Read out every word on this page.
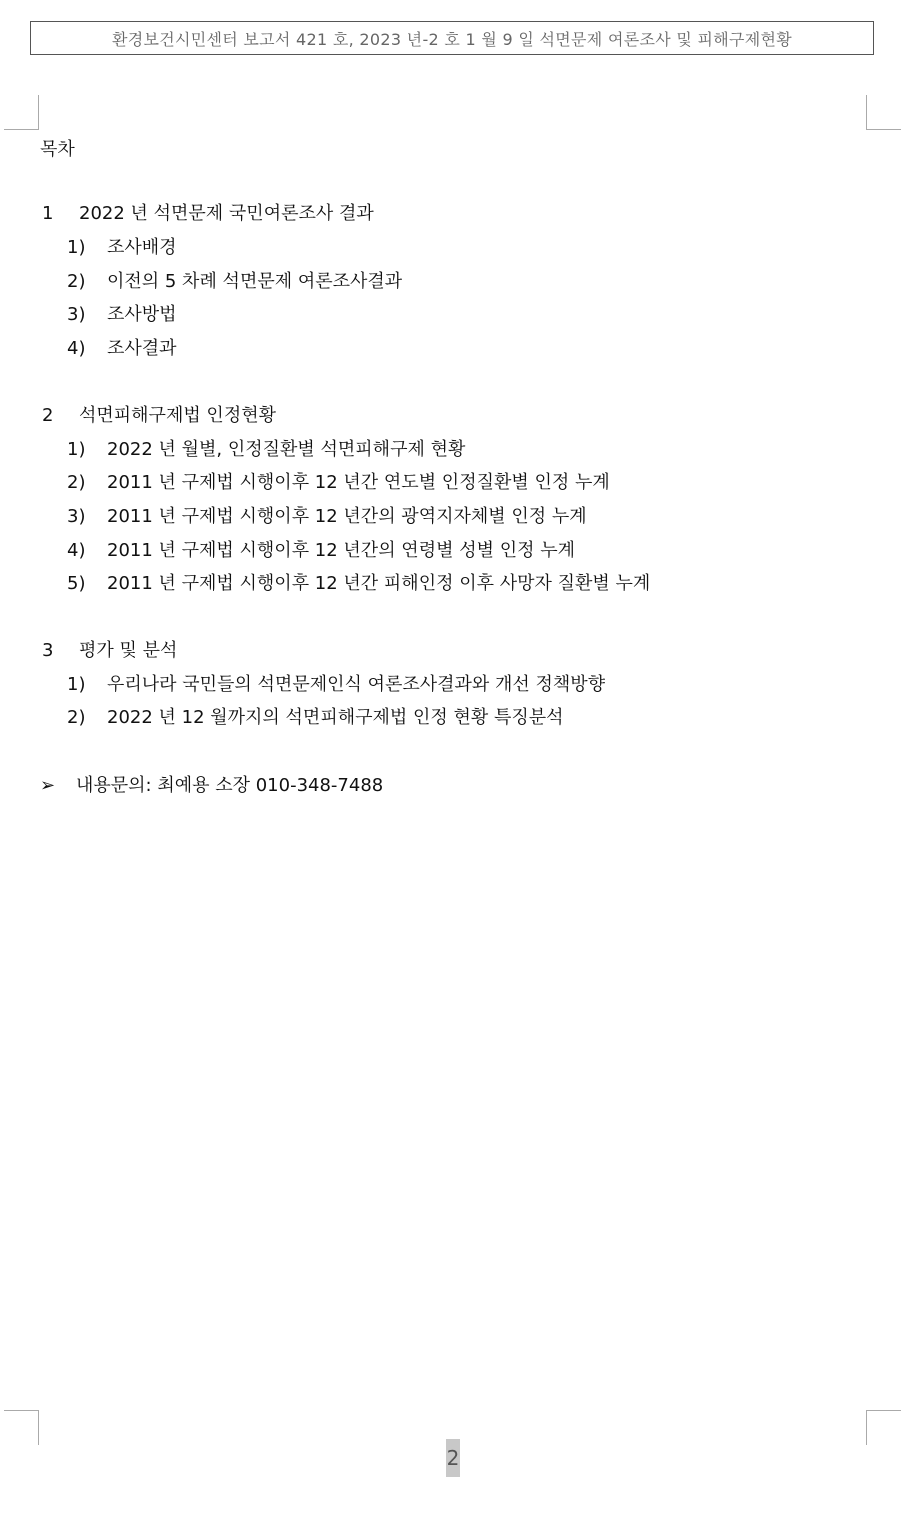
환경보건시민센터 보고서 421 호, 2023 년-2 호 1 월 9 일 석면문제 여론조사 및 피해구제현황
목차
1 2022 년 석면문제 국민여론조사 결과
1) 조사배경
2) 이전의 5 차례 석면문제 여론조사결과
3) 조사방법
4) 조사결과
2 석면피해구제법 인정현황
1) 2022 년 월별, 인정질환별 석면피해구제 현황
2) 2011 년 구제법 시행이후 12 년간 연도별 인정질환별 인정 누계
3) 2011 년 구제법 시행이후 12 년간의 광역지자체별 인정 누계
4) 2011 년 구제법 시행이후 12 년간의 연령별 성별 인정 누계
5) 2011 년 구제법 시행이후 12 년간 피해인정 이후 사망자 질환별 누계
3 평가 및 분석
1) 우리나라 국민들의 석면문제인식 여론조사결과와 개선 정책방향
2) 2022 년 12 월까지의 석면피해구제법 인정 현황 특징분석
➢ 내용문의: 최예용 소장 010-348-7488
2
